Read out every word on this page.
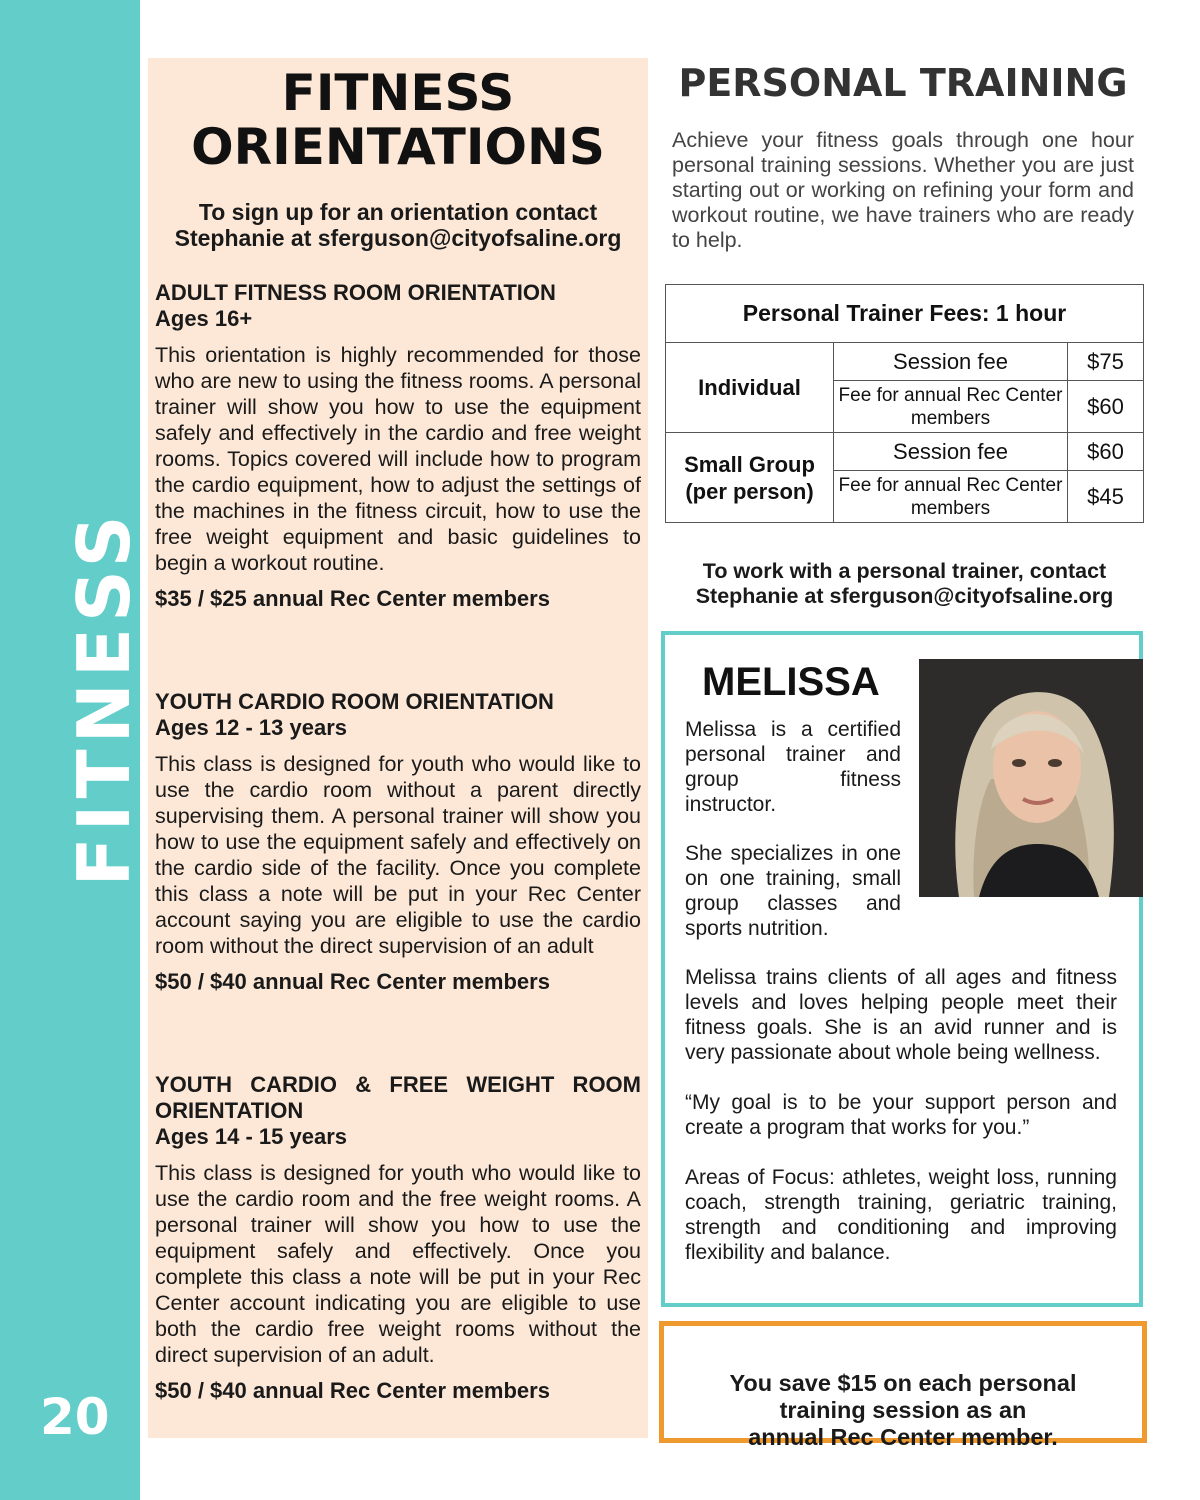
FITNESS
20
FITNESS
ORIENTATIONS
To sign up for an orientation contact
Stephanie at sferguson@cityofsaline.org
ADULT FITNESS ROOM ORIENTATION
Ages 16+
This orientation is highly recommended for those who are new to using the fitness rooms. A personal trainer will show you how to use the equipment safely and effectively in the cardio and free weight rooms. Topics covered will include how to program the cardio equipment, how to adjust the settings of the machines in the fitness circuit, how to use the free weight equipment and basic guidelines to begin a workout routine.
$35 / $25 annual Rec Center members
YOUTH CARDIO ROOM ORIENTATION
Ages 12 - 13 years
This class is designed for youth who would like to use the cardio room without a parent directly supervising them. A personal trainer will show you how to use the equipment safely and effectively on the cardio side of the facility. Once you complete this class a note will be put in your Rec Center account saying you are eligible to use the cardio room without the direct supervision of an adult
$50 / $40 annual Rec Center members
YOUTH CARDIO & FREE WEIGHT ROOM ORIENTATION
Ages 14 - 15 years
This class is designed for youth who would like to use the cardio room and the free weight rooms. A personal trainer will show you how to use the equipment safely and effectively. Once you complete this class a note will be put in your Rec Center account indicating you are eligible to use both the cardio free weight rooms without the direct supervision of an adult.
$50 / $40 annual Rec Center members
PERSONAL TRAINING
Achieve your fitness goals through one hour personal training sessions. Whether you are just starting out or working on refining your form and workout routine, we have trainers who are ready to help.
Personal Trainer Fees: 1 hour		
Individual	Session fee	$75
	Fee for annual Rec Center members	$60
Small Group (per person)	Session fee	$60
	Fee for annual Rec Center members	$45
To work with a personal trainer, contact
Stephanie at sferguson@cityofsaline.org
MELISSA
Melissa is a certified personal trainer and group fitness instructor.
She specializes in one on one training, small group classes and sports nutrition.

Melissa trains clients of all ages and fitness levels and loves helping people meet their fitness goals. She is an avid runner and is very passionate about whole being wellness.

“My goal is to be your support person and create a program that works for you.”

Areas of Focus: athletes, weight loss, running coach, strength training, geriatric training, strength and conditioning and improving flexibility and balance.

You save $15 on each personal
training session as an
annual Rec Center member.
